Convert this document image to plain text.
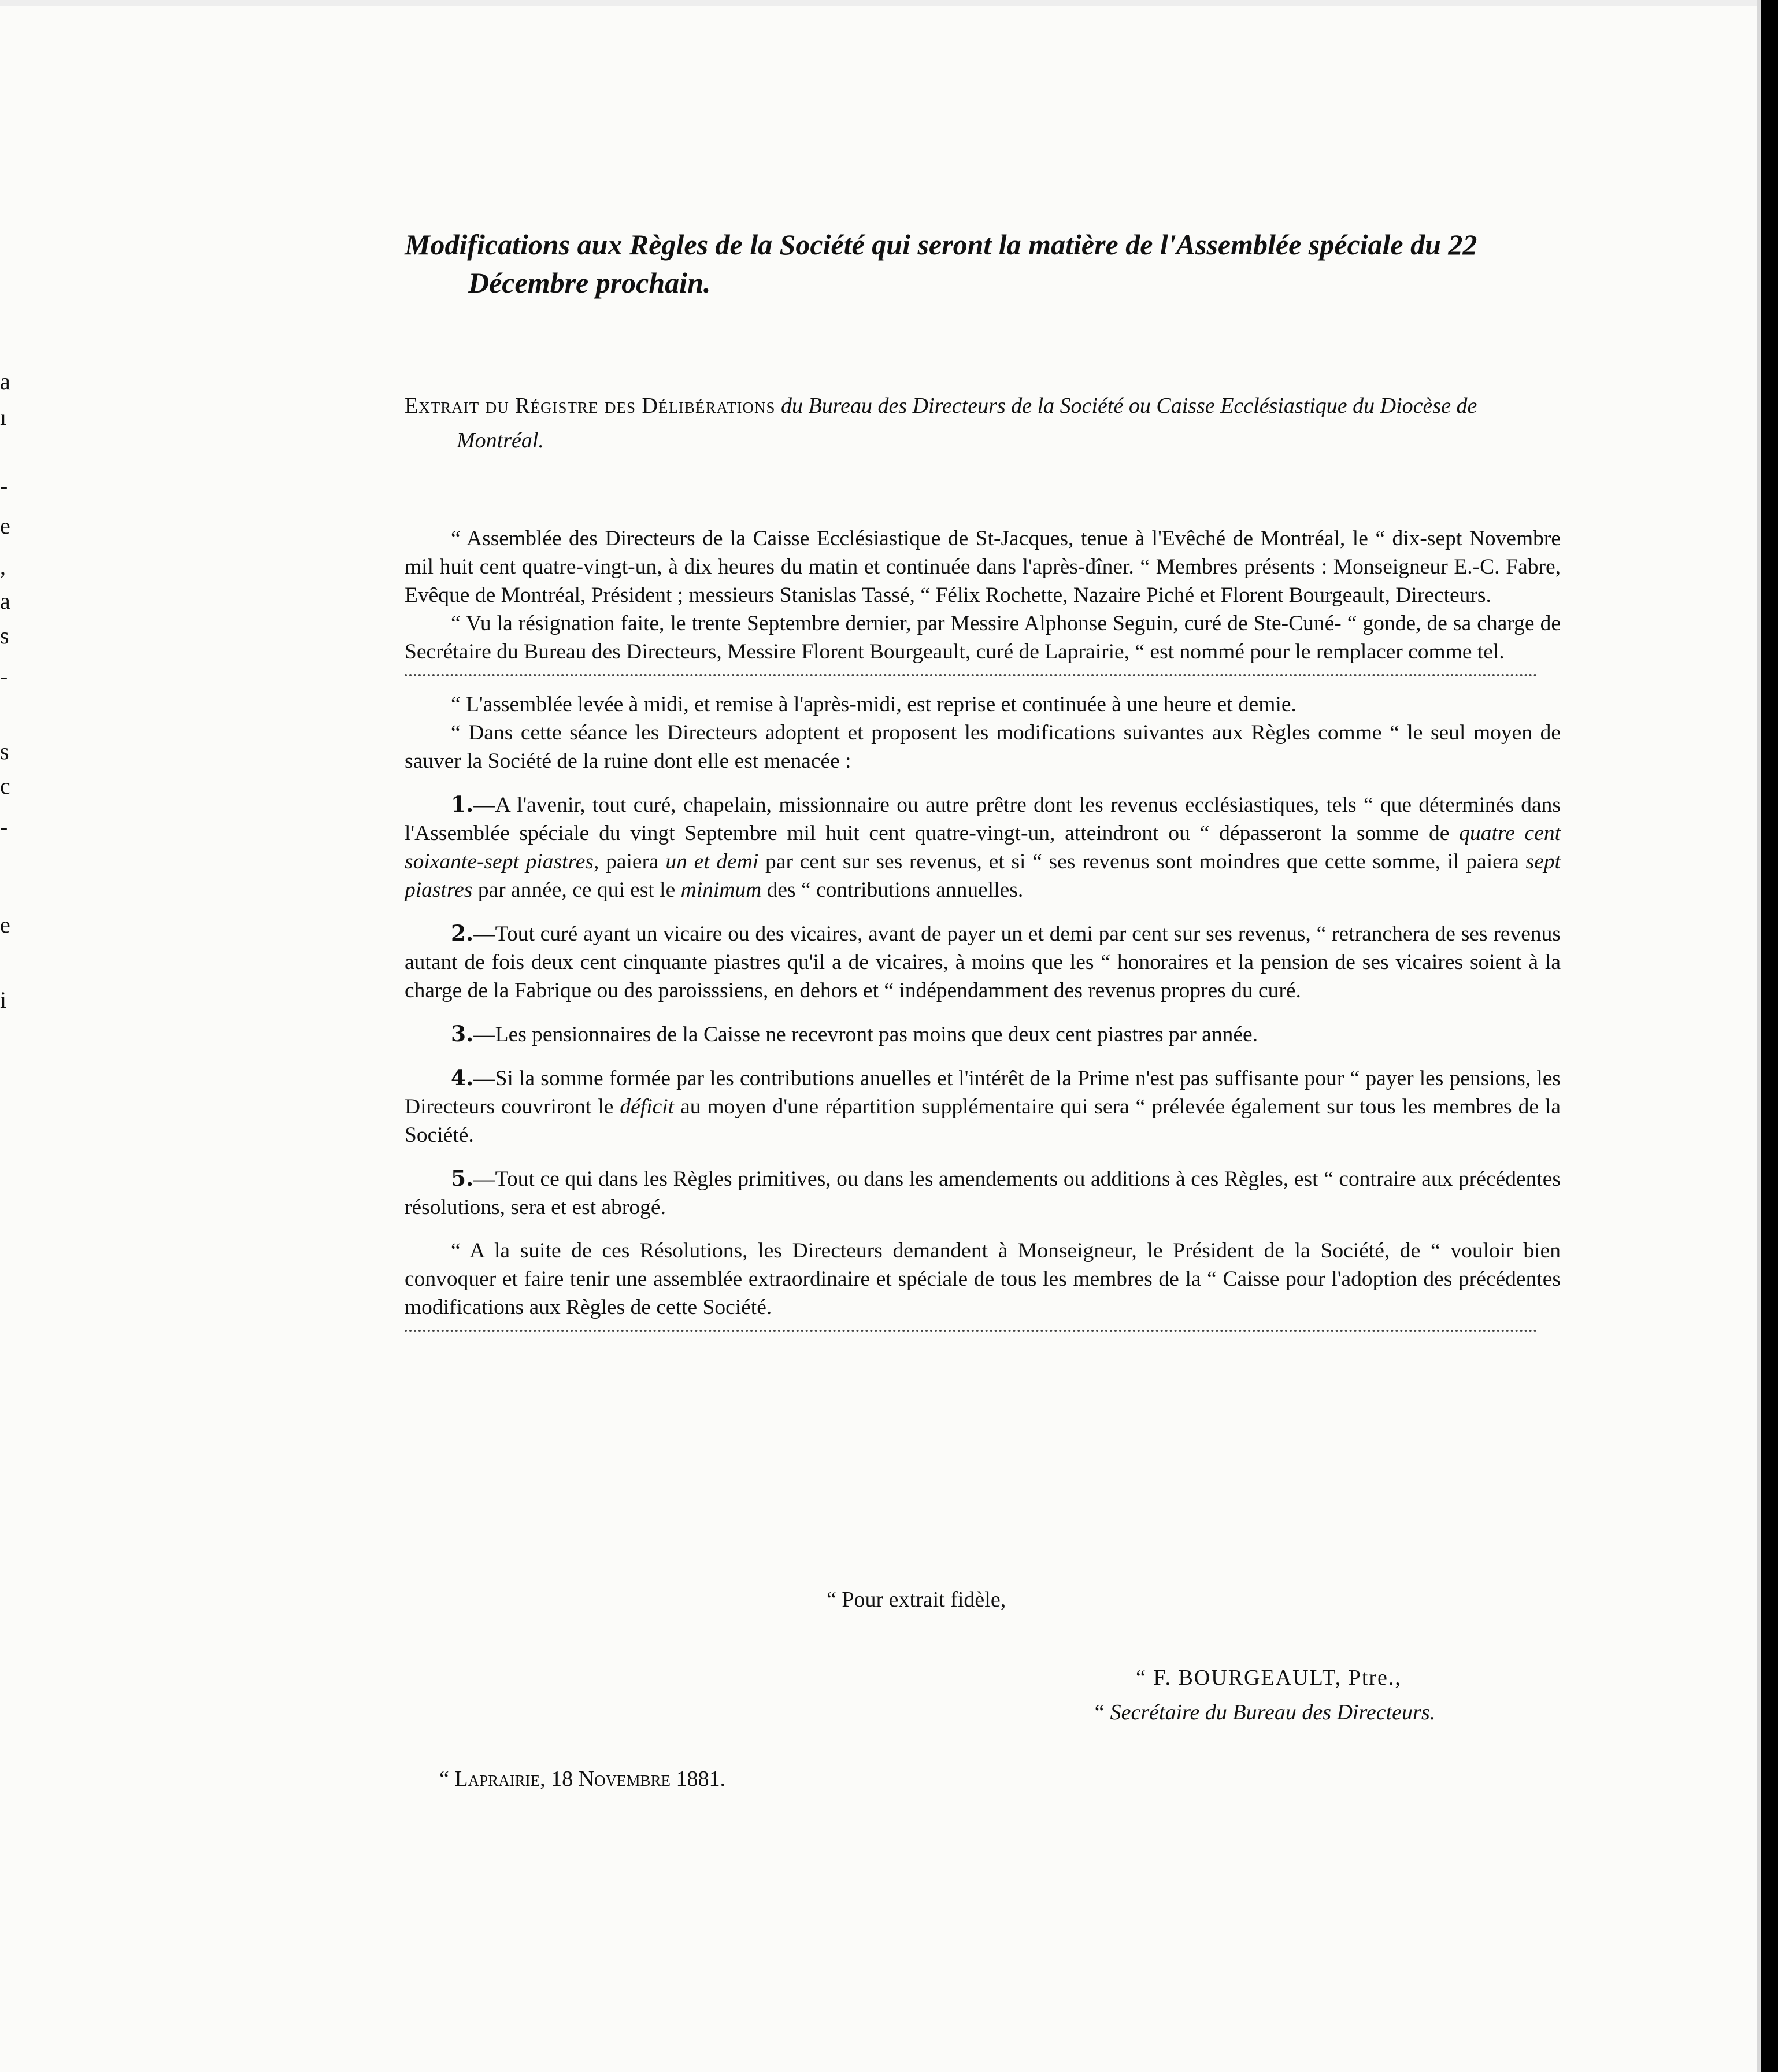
a
ı
-
e
,
a
s
-
s
c
-
e
i

Modifications aux Règles de la Société qui seront la matière de l'Assemblée spéciale du 22 Décembre prochain.

Extrait du Régistre des Délibérations du Bureau des Directeurs de la Société ou Caisse Ecclésiastique du Diocèse de Montréal.

“ Assemblée des Directeurs de la Caisse Ecclésiastique de St-Jacques, tenue à l'Evêché de Montréal, le “ dix-sept Novembre mil huit cent quatre-vingt-un, à dix heures du matin et continuée dans l'après-dîner. “ Membres présents : Monseigneur E.-C. Fabre, Evêque de Montréal, Président ; messieurs Stanislas Tassé, “ Félix Rochette, Nazaire Piché et Florent Bourgeault, Directeurs.

“ Vu la résignation faite, le trente Septembre dernier, par Messire Alphonse Seguin, curé de Ste-Cuné- “ gonde, de sa charge de Secrétaire du Bureau des Directeurs, Messire Florent Bourgeault, curé de Laprairie, “ est nommé pour le remplacer comme tel.

“ L'assemblée levée à midi, et remise à l'après-midi, est reprise et continuée à une heure et demie.

“ Dans cette séance les Directeurs adoptent et proposent les modifications suivantes aux Règles comme “ le seul moyen de sauver la Société de la ruine dont elle est menacée :

1.—A l'avenir, tout curé, chapelain, missionnaire ou autre prêtre dont les revenus ecclésiastiques, tels “ que déterminés dans l'Assemblée spéciale du vingt Septembre mil huit cent quatre-vingt-un, atteindront ou “ dépasseront la somme de quatre cent soixante-sept piastres, paiera un et demi par cent sur ses revenus, et si “ ses revenus sont moindres que cette somme, il paiera sept piastres par année, ce qui est le minimum des “ contributions annuelles.

2.—Tout curé ayant un vicaire ou des vicaires, avant de payer un et demi par cent sur ses revenus, “ retranchera de ses revenus autant de fois deux cent cinquante piastres qu'il a de vicaires, à moins que les “ honoraires et la pension de ses vicaires soient à la charge de la Fabrique ou des paroisssiens, en dehors et “ indépendamment des revenus propres du curé.

3.—Les pensionnaires de la Caisse ne recevront pas moins que deux cent piastres par année.

4.—Si la somme formée par les contributions anuelles et l'intérêt de la Prime n'est pas suffisante pour “ payer les pensions, les Directeurs couvriront le déficit au moyen d'une répartition supplémentaire qui sera “ prélevée également sur tous les membres de la Société.

5.—Tout ce qui dans les Règles primitives, ou dans les amendements ou additions à ces Règles, est “ contraire aux précédentes résolutions, sera et est abrogé.

“ A la suite de ces Résolutions, les Directeurs demandent à Monseigneur, le Président de la Société, de “ vouloir bien convoquer et faire tenir une assemblée extraordinaire et spéciale de tous les membres de la “ Caisse pour l'adoption des précédentes modifications aux Règles de cette Société.

“ Pour extrait fidèle,
“ F. BOURGEAULT, Ptre.,
“ Secrétaire du Bureau des Directeurs.
“ Laprairie, 18 Novembre 1881.
